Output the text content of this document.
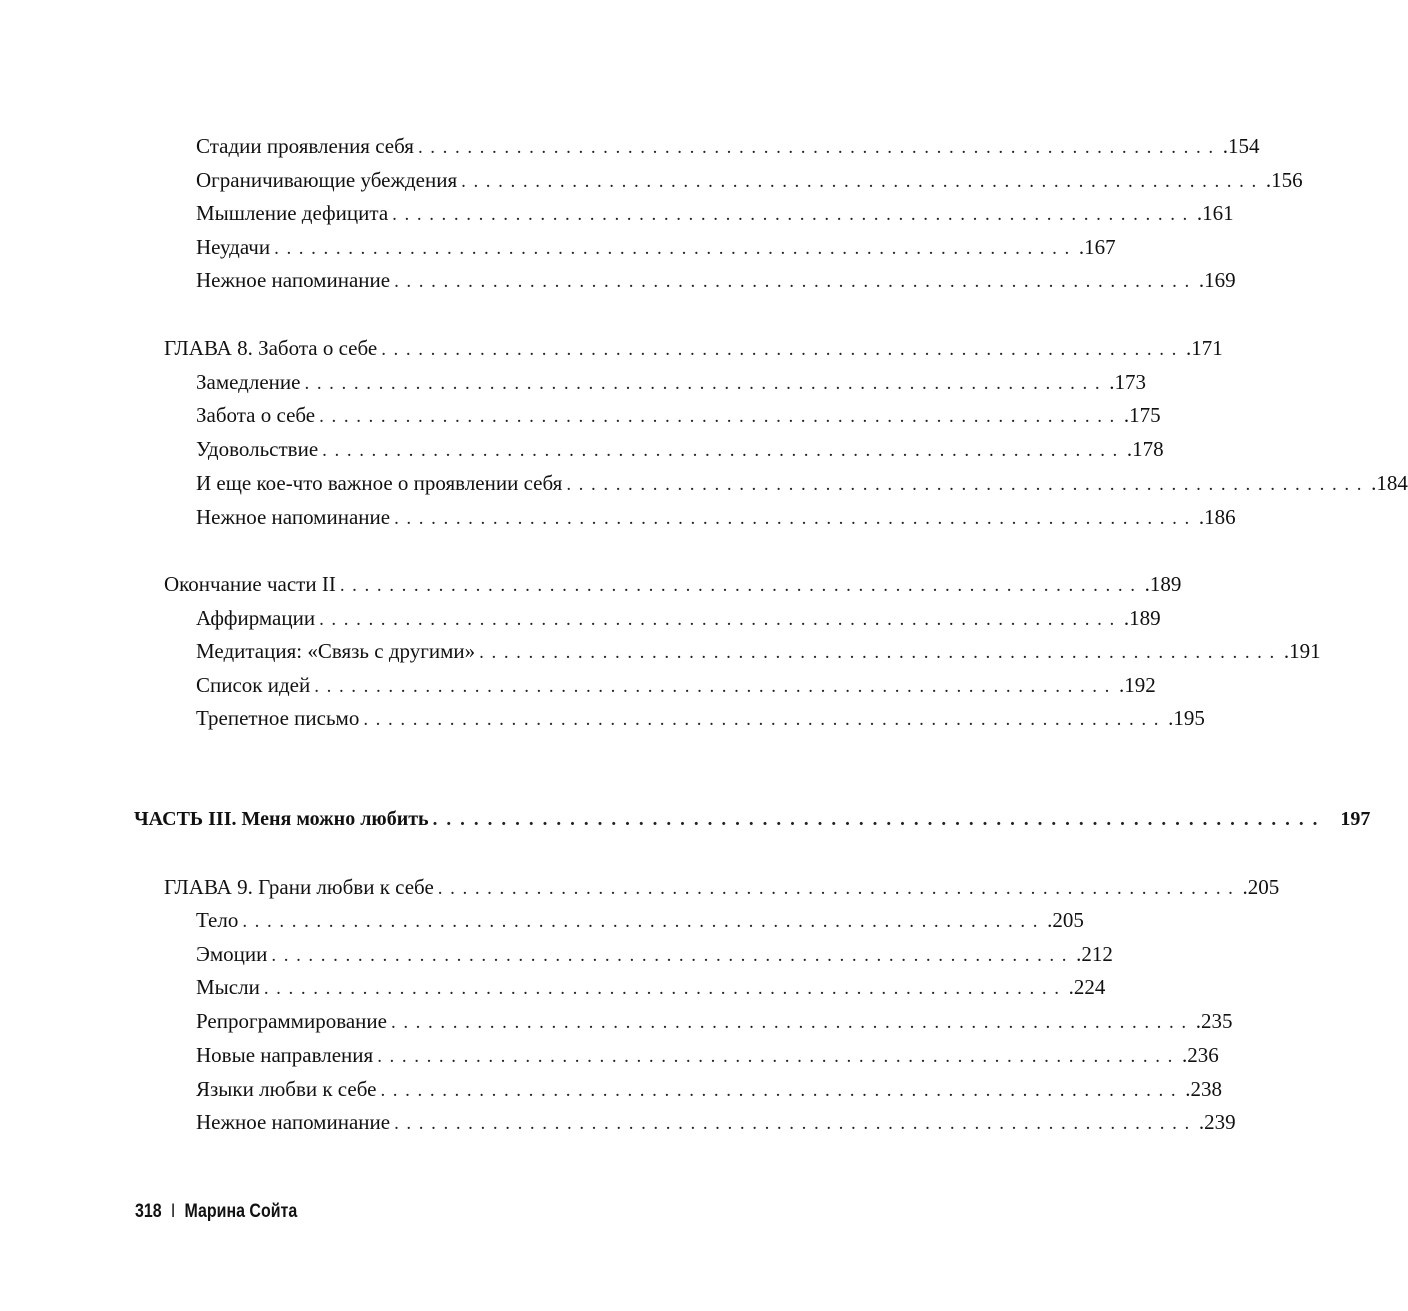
Стадии проявления себя ................................................................. .154
Ограничивающие убеждения ................................................................. .156
Мышление дефицита ................................................................. .161
Неудачи ................................................................. .167
Нежное напоминание ................................................................. .169
ГЛАВА 8. Забота о себе ................................................................. .171
Замедление ................................................................. .173
Забота о себе ................................................................. .175
Удовольствие ................................................................. .178
И еще кое-что важное о проявлении себя ................................................................. .184
Нежное напоминание ................................................................. .186
Окончание части II ................................................................. .189
Аффирмации ................................................................. .189
Медитация: «Связь с другими» ................................................................. .191
Список идей ................................................................. .192
Трепетное письмо ................................................................. .195
ЧАСТЬ III. Меня можно любить ................................................................. 197
ГЛАВА 9. Грани любви к себе ................................................................. .205
Тело ................................................................. .205
Эмоции ................................................................. .212
Мысли ................................................................. .224
Репрограммирование ................................................................. .235
Новые направления ................................................................. .236
Языки любви к себе ................................................................. .238
Нежное напоминание ................................................................. .239
318 I Марина Сойта
